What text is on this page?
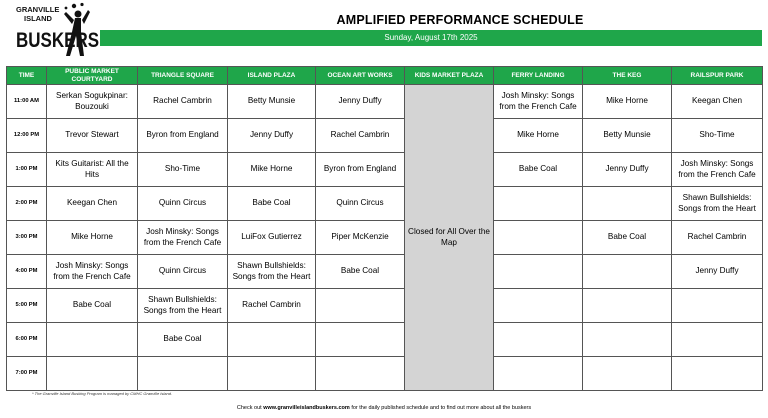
GRANVILLE
ISLAND
BUSKERS
AMPLIFIED PERFORMANCE SCHEDULE
Sunday, August 17th 2025
TIME	PUBLIC MARKET COURTYARD	TRIANGLE SQUARE	ISLAND PLAZA	OCEAN ART WORKS	KIDS MARKET PLAZA	FERRY LANDING	THE KEG	RAILSPUR PARK
11:00 AM	Serkan Sogukpinar: Bouzouki	Rachel Cambrin	Betty Munsie	Jenny Duffy	Closed for All Over the Map	Josh Minsky: Songs from the French Cafe	Mike Horne	Keegan Chen
12:00 PM	Trevor Stewart	Byron from England	Jenny Duffy	Rachel Cambrin		Mike Horne	Betty Munsie	Sho-Time
1:00 PM	Kits Guitarist: All the Hits	Sho-Time	Mike Horne	Byron from England		Babe Coal	Jenny Duffy	Josh Minsky: Songs from the French Cafe
2:00 PM	Keegan Chen	Quinn Circus	Babe Coal	Quinn Circus				Shawn Bullshields: Songs from the Heart
3:00 PM	Mike Horne	Josh Minsky: Songs from the French Cafe	LuiFox Gutierrez	Piper McKenzie			Babe Coal	Rachel Cambrin
4:00 PM	Josh Minsky: Songs from the French Cafe	Quinn Circus	Shawn Bullshields: Songs from the Heart	Babe Coal				Jenny Duffy
5:00 PM	Babe Coal	Shawn Bullshields: Songs from the Heart	Rachel Cambrin					
6:00 PM		Babe Coal						
7:00 PM								
* The Granville Island Busking Program is managed by CMHC Granville Island.
Check out www.granvilleislandbuskers.com for the daily published schedule and to find out more about all the buskers
